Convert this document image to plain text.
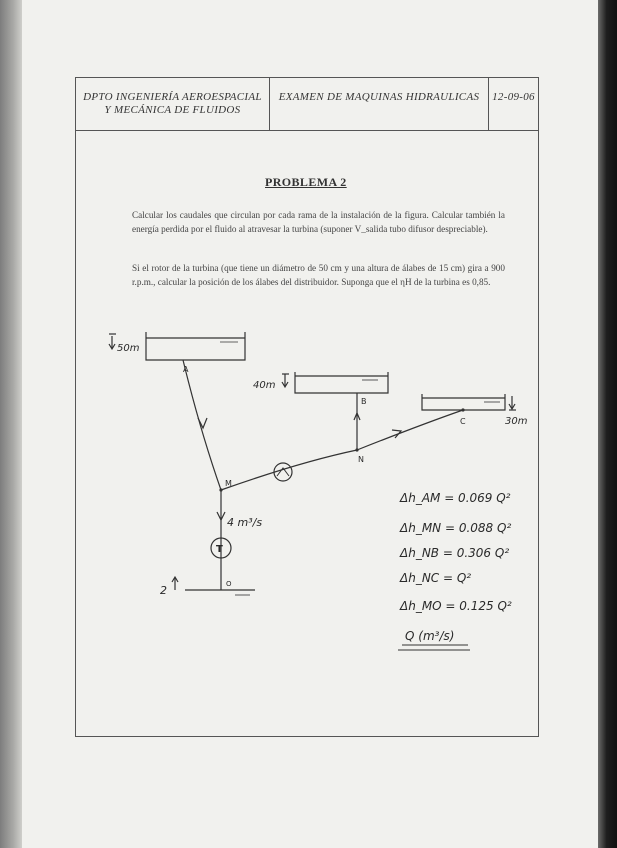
DPTO INGENIERÍA AEROESPACIAL
Y MECÁNICA DE FLUIDOS
EXAMEN DE MAQUINAS HIDRAULICAS	12-09-06
PROBLEMA 2
Calcular los caudales que circulan por cada rama de la instalación de la figura. Calcular también la energía perdida por el fluido al atravesar la turbina (suponer V_salida tubo difusor despreciable).
Si el rotor de la turbina (que tiene un diámetro de 50 cm y una altura de álabes de 15 cm) gira a 900 r.p.m., calcular la posición de los álabes del distribuidor. Suponga que el ηH de la turbina es 0,85.
50m
40m
30m
2
A
B
C
M
N
O
4 m³/s
T
Δh_AM = 0.069 Q²
Δh_MN = 0.088 Q²
Δh_NB = 0.306 Q²
Δh_NC = Q²
Δh_MO = 0.125 Q²
Q (m³/s)
